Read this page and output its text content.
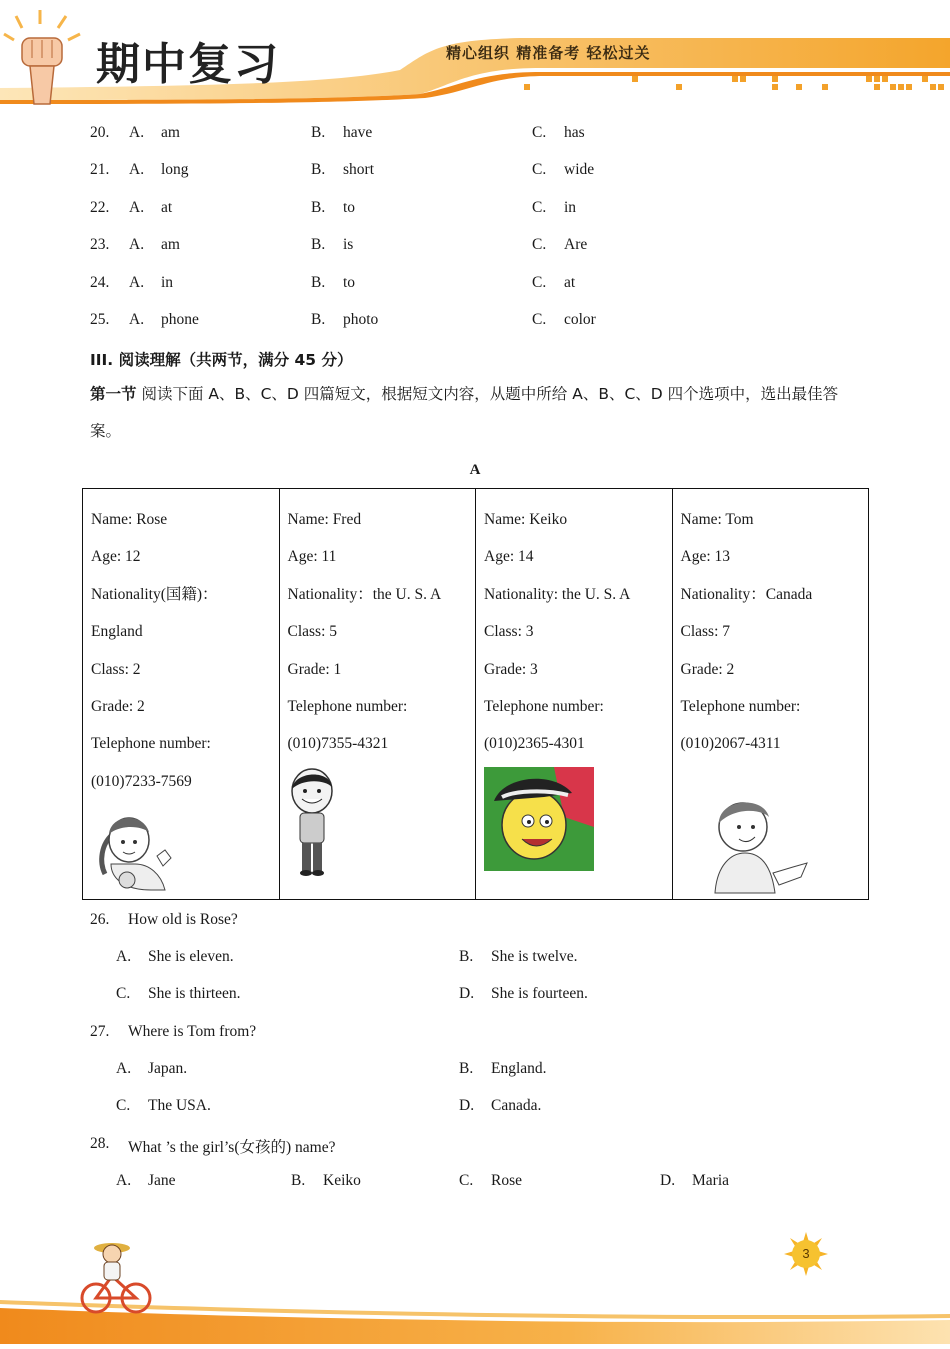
期中复习	精心组织 精准备考 轻松过关
20. A. am	B. have	C. has
21. A. long	B. short	C. wide
22. A. at	B. to	C. in
23. A. am	B. is	C. Are
24. A. in	B. to	C. at
25. A. phone	B. photo	C. color
III. 阅读理解（共两节，满分 45 分）
第一节 阅读下面 A、B、C、D 四篇短文，根据短文内容，从题中所给 A、B、C、D 四个选项中，选出最佳答案。
A
Name: Rose
Age: 12
Nationality(国籍)：
England
Class: 2
Grade: 2
Telephone number:
(010)7233-7569

Name: Fred
Age: 11
Nationality：the U. S. A
Class: 5
Grade: 1
Telephone number:
(010)7355-4321

Name: Keiko
Age: 14
Nationality: the U. S. A
Class: 3
Grade: 3
Telephone number:
(010)2365-4301

Name: Tom
Age: 13
Nationality：Canada
Class: 7
Grade: 2
Telephone number:
(010)2067-4311
26. How old is Rose?
A. She is eleven.	B. She is twelve.
C. She is thirteen.	D. She is fourteen.
27. Where is Tom from?
A. Japan.	B. England.
C. The USA.	D. Canada.
28. What ’s the girl’s(女孩的) name?
A. Jane	B. Keiko	C. Rose	D. Maria
3
